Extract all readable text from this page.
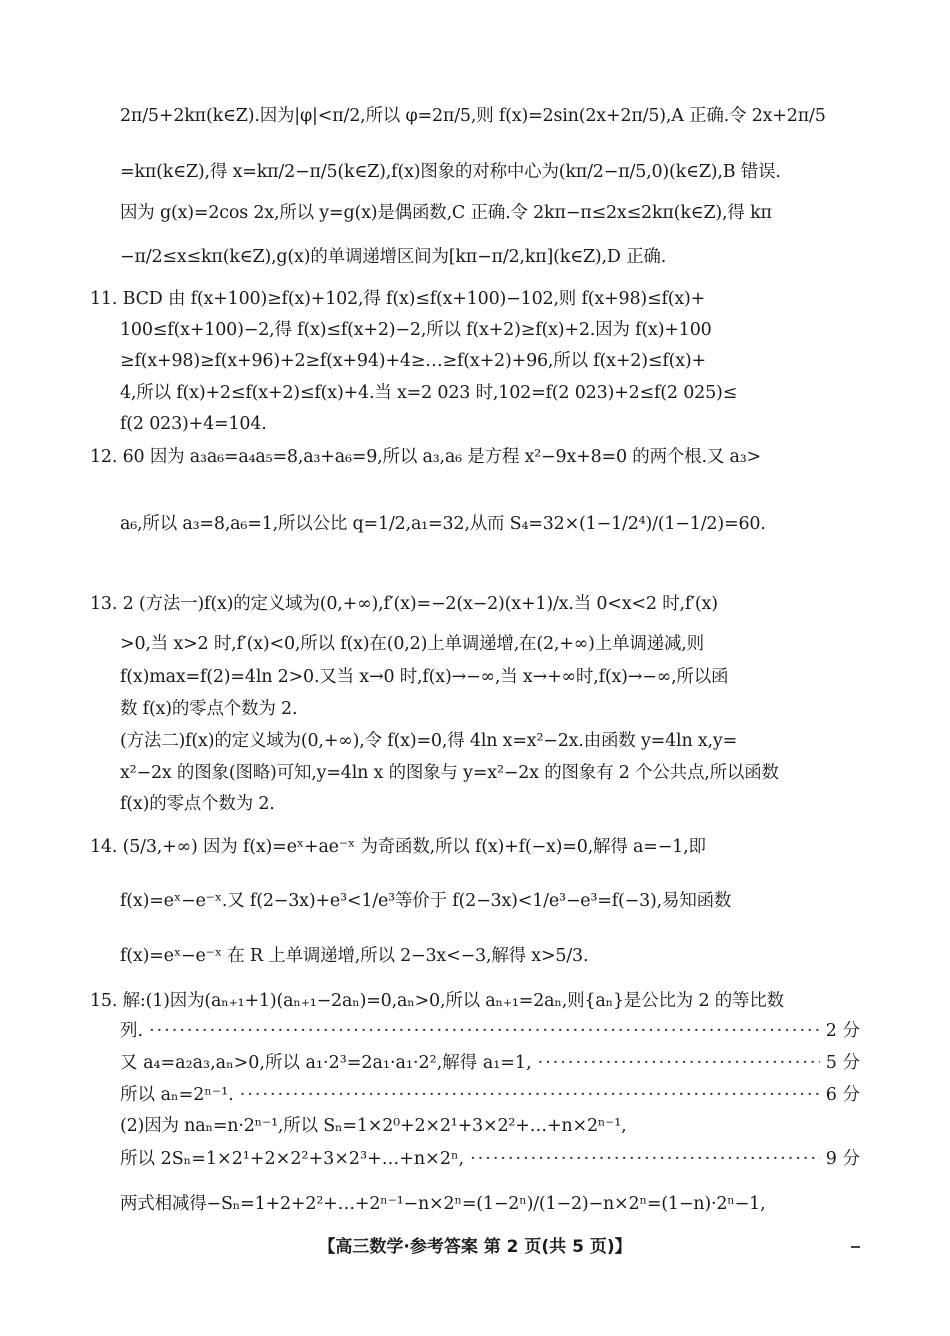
2π/5+2kπ(k∈Z).因为|φ|<π/2,所以 φ=2π/5,则 f(x)=2sin(2x+2π/5),A 正确.令 2x+2π/5
=kπ(k∈Z),得 x=kπ/2−π/5(k∈Z),f(x)图象的对称中心为(kπ/2−π/5,0)(k∈Z),B 错误.
因为 g(x)=2cos 2x,所以 y=g(x)是偶函数,C 正确.令 2kπ−π≤2x≤2kπ(k∈Z),得 kπ
−π/2≤x≤kπ(k∈Z),g(x)的单调递增区间为[kπ−π/2,kπ](k∈Z),D 正确.
11. BCD 由 f(x+100)≥f(x)+102,得 f(x)≤f(x+100)−102,则 f(x+98)≤f(x)+
100≤f(x+100)−2,得 f(x)≤f(x+2)−2,所以 f(x+2)≥f(x)+2.因为 f(x)+100
≥f(x+98)≥f(x+96)+2≥f(x+94)+4≥…≥f(x+2)+96,所以 f(x+2)≤f(x)+
4,所以 f(x)+2≤f(x+2)≤f(x)+4.当 x=2 023 时,102=f(2 023)+2≤f(2 025)≤
f(2 023)+4=104.
12. 60 因为 a₃a₆=a₄a₅=8,a₃+a₆=9,所以 a₃,a₆ 是方程 x²−9x+8=0 的两个根.又 a₃>
a₆,所以 a₃=8,a₆=1,所以公比 q=1/2,a₁=32,从而 S₄=32×(1−1/2⁴)/(1−1/2)=60.
13. 2 (方法一)f(x)的定义域为(0,+∞),f′(x)=−2(x−2)(x+1)/x.当 0<x<2 时,f′(x)
>0,当 x>2 时,f′(x)<0,所以 f(x)在(0,2)上单调递增,在(2,+∞)上单调递减,则
f(x)max=f(2)=4ln 2>0.又当 x→0 时,f(x)→−∞,当 x→+∞时,f(x)→−∞,所以函
数 f(x)的零点个数为 2.
(方法二)f(x)的定义域为(0,+∞),令 f(x)=0,得 4ln x=x²−2x.由函数 y=4ln x,y=
x²−2x 的图象(图略)可知,y=4ln x 的图象与 y=x²−2x 的图象有 2 个公共点,所以函数
f(x)的零点个数为 2.
14. (5/3,+∞) 因为 f(x)=eˣ+ae⁻ˣ 为奇函数,所以 f(x)+f(−x)=0,解得 a=−1,即
f(x)=eˣ−e⁻ˣ.又 f(2−3x)+e³<1/e³等价于 f(2−3x)<1/e³−e³=f(−3),易知函数
f(x)=eˣ−e⁻ˣ 在 R 上单调递增,所以 2−3x<−3,解得 x>5/3.
15. 解:(1)因为(aₙ₊₁+1)(aₙ₊₁−2aₙ)=0,aₙ>0,所以 aₙ₊₁=2aₙ,则{aₙ}是公比为 2 的等比数
列. ·····	2 分
又 a₄=a₂a₃,aₙ>0,所以 a₁·2³=2a₁·a₁·2²,解得 a₁=1, ·····	5 分
所以 aₙ=2ⁿ⁻¹. ·····	6 分
(2)因为 naₙ=n·2ⁿ⁻¹,所以 Sₙ=1×2⁰+2×2¹+3×2²+…+n×2ⁿ⁻¹,
所以 2Sₙ=1×2¹+2×2²+3×2³+…+n×2ⁿ, ·····	9 分
两式相减得−Sₙ=1+2+2²+…+2ⁿ⁻¹−n×2ⁿ=(1−2ⁿ)/(1−2)−n×2ⁿ=(1−n)·2ⁿ−1,
【高三数学·参考答案 第 2 页(共 5 页)】
